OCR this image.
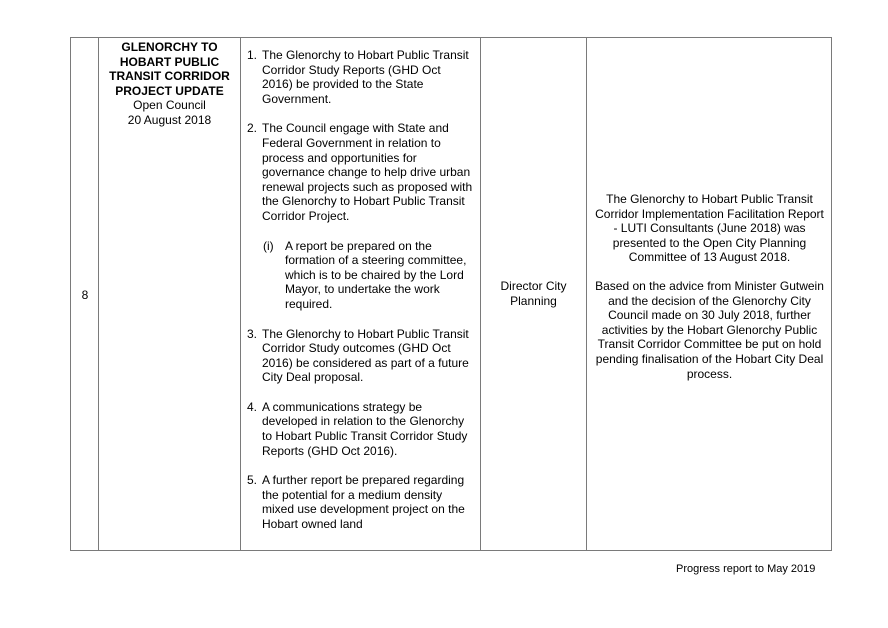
8
GLENORCHY TO HOBART PUBLIC TRANSIT CORRIDOR PROJECT UPDATE
Open Council
20 August 2018
1. The Glenorchy to Hobart Public Transit Corridor Study Reports (GHD Oct 2016) be provided to the State Government.
2. The Council engage with State and Federal Government in relation to process and opportunities for governance change to help drive urban renewal projects such as proposed with the Glenorchy to Hobart Public Transit Corridor Project.
(i) A report be prepared on the formation of a steering committee, which is to be chaired by the Lord Mayor, to undertake the work required.
3. The Glenorchy to Hobart Public Transit Corridor Study outcomes (GHD Oct 2016) be considered as part of a future City Deal proposal.
4. A communications strategy be developed in relation to the Glenorchy to Hobart Public Transit Corridor Study Reports (GHD Oct 2016).
5. A further report be prepared regarding the potential for a medium density mixed use development project on the Hobart owned land
Director City Planning

The Glenorchy to Hobart Public Transit Corridor Implementation Facilitation Report - LUTI Consultants (June 2018) was presented to the Open City Planning Committee of 13 August 2018.

Based on the advice from Minister Gutwein and the decision of the Glenorchy City Council made on 30 July 2018, further activities by the Hobart Glenorchy Public Transit Corridor Committee be put on hold pending finalisation of the Hobart City Deal process.

Progress report to May 2019
